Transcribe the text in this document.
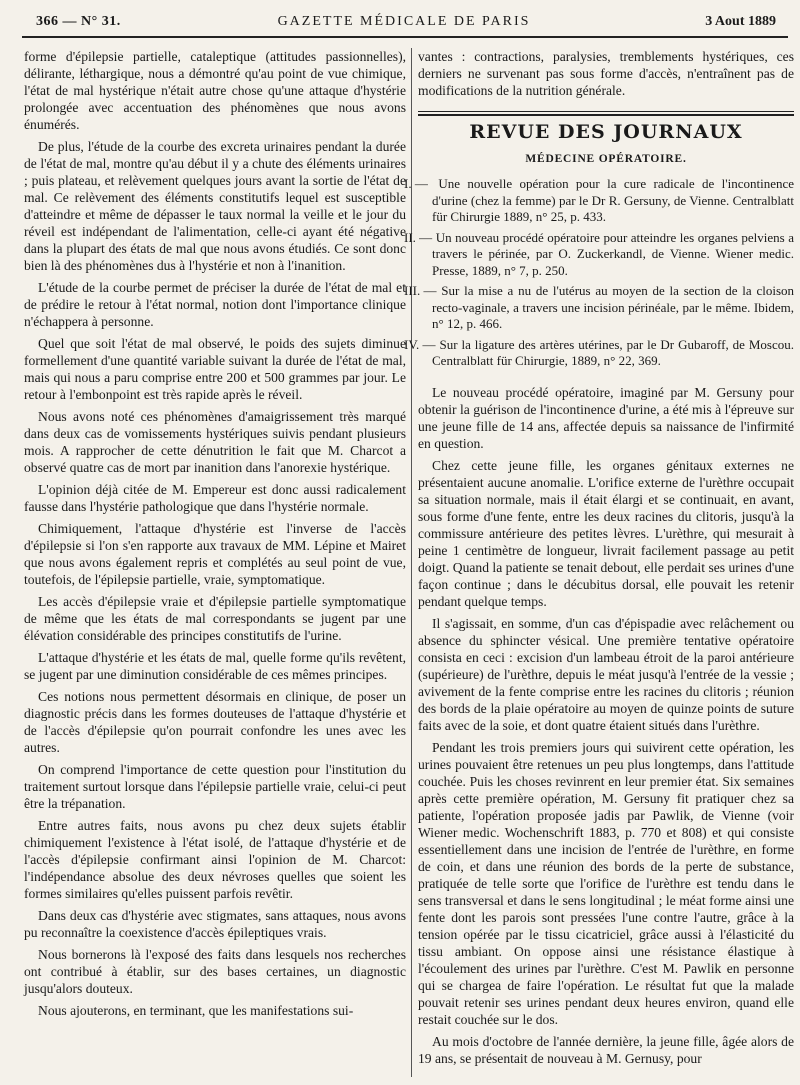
366 — N° 31.	GAZETTE MÉDICALE DE PARIS	3 Aout 1889

forme d'épilepsie partielle, cataleptique (attitudes passionnelles), délirante, léthargique, nous a démontré qu'au point de vue chimique, l'état de mal hystérique n'était autre chose qu'une attaque d'hystérie prolongée avec accentuation des phénomènes que nous avons énumérés.

De plus, l'étude de la courbe des excreta urinaires pendant la durée de l'état de mal, montre qu'au début il y a chute des éléments urinaires ; puis plateau, et relèvement quelques jours avant la sortie de l'état de mal. Ce relèvement des éléments constitutifs lequel est susceptible d'atteindre et même de dépasser le taux normal la veille et le jour du réveil est indépendant de l'alimentation, celle-ci ayant été négative dans la plupart des états de mal que nous avons étudiés. Ce sont donc bien là des phénomènes dus à l'hystérie et non à l'inanition.

L'étude de la courbe permet de préciser la durée de l'état de mal et de prédire le retour à l'état normal, notion dont l'importance clinique n'échappera à personne.

Quel que soit l'état de mal observé, le poids des sujets diminue formellement d'une quantité variable suivant la durée de l'état de mal, mais qui nous a paru comprise entre 200 et 500 grammes par jour. Le retour à l'embonpoint est très rapide après le réveil.

Nous avons noté ces phénomènes d'amaigrissement très marqué dans deux cas de vomissements hystériques suivis pendant plusieurs mois. A rapprocher de cette dénutrition le fait que M. Charcot a observé quatre cas de mort par inanition dans l'anorexie hystérique.

L'opinion déjà citée de M. Empereur est donc aussi radicalement fausse dans l'hystérie pathologique que dans l'hystérie normale.

Chimiquement, l'attaque d'hystérie est l'inverse de l'accès d'épilepsie si l'on s'en rapporte aux travaux de MM. Lépine et Mairet que nous avons également repris et complétés au seul point de vue, toutefois, de l'épilepsie partielle, vraie, symptomatique.

Les accès d'épilepsie vraie et d'épilepsie partielle symptomatique de même que les états de mal correspondants se jugent par une élévation considérable des principes constitutifs de l'urine.

L'attaque d'hystérie et les états de mal, quelle forme qu'ils revêtent, se jugent par une diminution considérable de ces mêmes principes.

Ces notions nous permettent désormais en clinique, de poser un diagnostic précis dans les formes douteuses de l'attaque d'hystérie et de l'accès d'épilepsie qu'on pourrait confondre les unes avec les autres.

On comprend l'importance de cette question pour l'institution du traitement surtout lorsque dans l'épilepsie partielle vraie, celui-ci peut être la trépanation.

Entre autres faits, nous avons pu chez deux sujets établir chimiquement l'existence à l'état isolé, de l'attaque d'hystérie et de l'accès d'épilepsie confirmant ainsi l'opinion de M. Charcot: l'indépendance absolue des deux névroses quelles que soient les formes similaires qu'elles puissent parfois revêtir.

Dans deux cas d'hystérie avec stigmates, sans attaques, nous avons pu reconnaître la coexistence d'accès épileptiques vrais.

Nous bornerons là l'exposé des faits dans lesquels nos recherches ont contribué à établir, sur des bases certaines, un diagnostic jusqu'alors douteux.

Nous ajouterons, en terminant, que les manifestations sui-

vantes : contractions, paralysies, tremblements hystériques, ces derniers ne survenant pas sous forme d'accès, n'entraînent pas de modifications de la nutrition générale.

REVUE DES JOURNAUX
MÉDECINE OPÉRATOIRE.
I. — Une nouvelle opération pour la cure radicale de l'incontinence d'urine (chez la femme) par le Dr R. Gersuny, de Vienne. Centralblatt für Chirurgie 1889, n° 25, p. 433.
II. — Un nouveau procédé opératoire pour atteindre les organes pelviens a travers le périnée, par O. Zuckerkandl, de Vienne. Wiener medic. Presse, 1889, n° 7, p. 250.
III. — Sur la mise a nu de l'utérus au moyen de la section de la cloison recto-vaginale, a travers une incision périnéale, par le même. Ibidem, n° 12, p. 466.
IV. — Sur la ligature des artères utérines, par le Dr Gubaroff, de Moscou. Centralblatt für Chirurgie, 1889, n° 22, 369.

Le nouveau procédé opératoire, imaginé par M. Gersuny pour obtenir la guérison de l'incontinence d'urine, a été mis à l'épreuve sur une jeune fille de 14 ans, affectée depuis sa naissance de l'infirmité en question.

Chez cette jeune fille, les organes génitaux externes ne présentaient aucune anomalie. L'orifice externe de l'urèthre occupait sa situation normale, mais il était élargi et se continuait, en avant, sous forme d'une fente, entre les deux racines du clitoris, jusqu'à la commissure antérieure des petites lèvres. L'urèthre, qui mesurait à peine 1 centimètre de longueur, livrait facilement passage au petit doigt. Quand la patiente se tenait debout, elle perdait ses urines d'une façon continue ; dans le décubitus dorsal, elle pouvait les retenir pendant quelque temps.

Il s'agissait, en somme, d'un cas d'épispadie avec relâchement ou absence du sphincter vésical. Une première tentative opératoire consista en ceci : excision d'un lambeau étroit de la paroi antérieure (supérieure) de l'urèthre, depuis le méat jusqu'à l'entrée de la vessie ; avivement de la fente comprise entre les racines du clitoris ; réunion des bords de la plaie opératoire au moyen de quinze points de suture faits avec de la soie, et dont quatre étaient situés dans l'urèthre.

Pendant les trois premiers jours qui suivirent cette opération, les urines pouvaient être retenues un peu plus longtemps, dans l'attitude couchée. Puis les choses revinrent en leur premier état. Six semaines après cette première opération, M. Gersuny fit pratiquer chez sa patiente, l'opération proposée jadis par Pawlik, de Vienne (voir Wiener medic. Wochenschrift 1883, p. 770 et 808) et qui consiste essentiellement dans une incision de l'entrée de l'urèthre, en forme de coin, et dans une réunion des bords de la perte de substance, pratiquée de telle sorte que l'orifice de l'urèthre est tendu dans le sens transversal et dans le sens longitudinal ; le méat forme ainsi une fente dont les parois sont pressées l'une contre l'autre, grâce à la tension opérée par le tissu cicatriciel, grâce aussi à l'élasticité du tissu ambiant. On oppose ainsi une résistance élastique à l'écoulement des urines par l'urèthre. C'est M. Pawlik en personne qui se chargea de faire l'opération. Le résultat fut que la malade pouvait retenir ses urines pendant deux heures environ, quand elle restait couchée sur le dos.

Au mois d'octobre de l'année dernière, la jeune fille, âgée alors de 19 ans, se présentait de nouveau à M. Gernusy, pour
